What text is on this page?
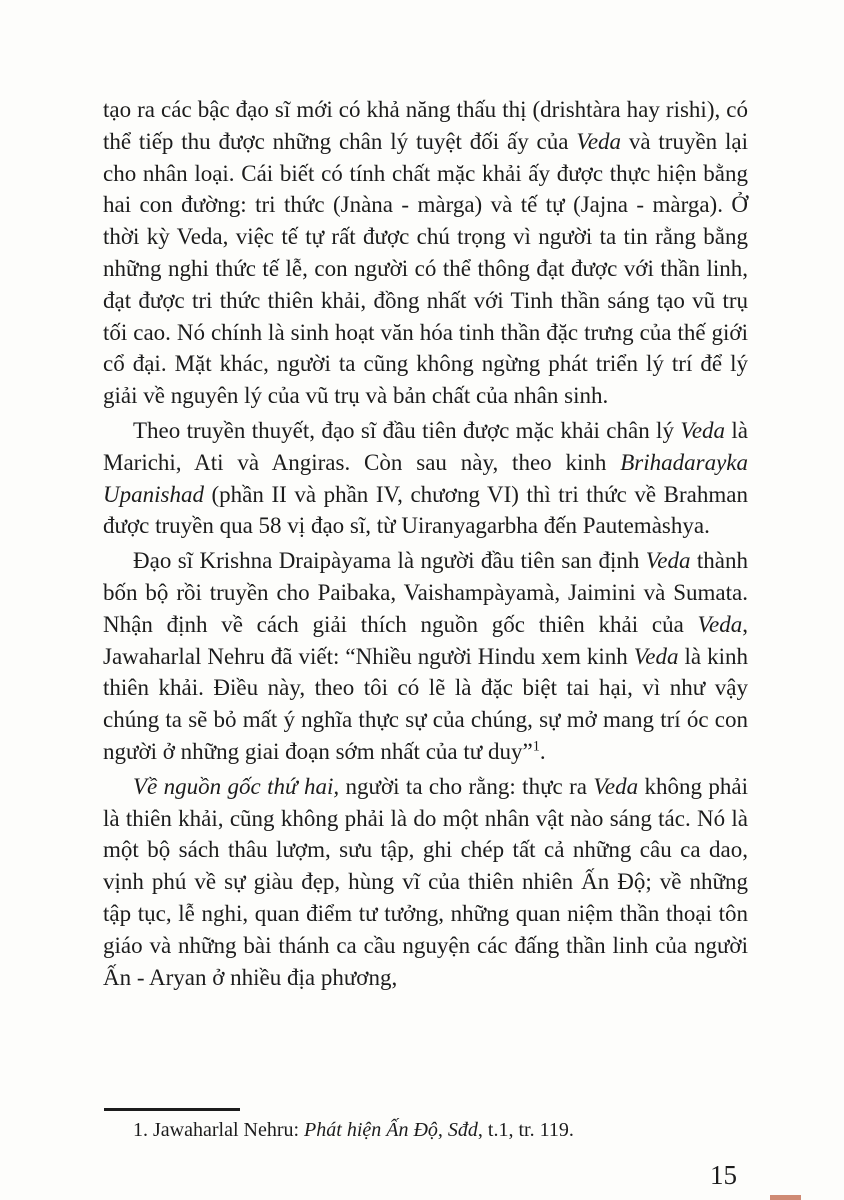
tạo ra các bậc đạo sĩ mới có khả năng thấu thị (drishtàra hay rishi), có thể tiếp thu được những chân lý tuyệt đối ấy của Veda và truyền lại cho nhân loại. Cái biết có tính chất mặc khải ấy được thực hiện bằng hai con đường: tri thức (Jnàna - màrga) và tế tự (Jajna - màrga). Ở thời kỳ Veda, việc tế tự rất được chú trọng vì người ta tin rằng bằng những nghi thức tế lễ, con người có thể thông đạt được với thần linh, đạt được tri thức thiên khải, đồng nhất với Tinh thần sáng tạo vũ trụ tối cao. Nó chính là sinh hoạt văn hóa tinh thần đặc trưng của thế giới cổ đại. Mặt khác, người ta cũng không ngừng phát triển lý trí để lý giải về nguyên lý của vũ trụ và bản chất của nhân sinh.

Theo truyền thuyết, đạo sĩ đầu tiên được mặc khải chân lý Veda là Marichi, Ati và Angiras. Còn sau này, theo kinh Brihadarayka Upanishad (phần II và phần IV, chương VI) thì tri thức về Brahman được truyền qua 58 vị đạo sĩ, từ Uiranyagarbha đến Pautemàshya.

Đạo sĩ Krishna Draipàyama là người đầu tiên san định Veda thành bốn bộ rồi truyền cho Paibaka, Vaishampàyamà, Jaimini và Sumata. Nhận định về cách giải thích nguồn gốc thiên khải của Veda, Jawaharlal Nehru đã viết: “Nhiều người Hindu xem kinh Veda là kinh thiên khải. Điều này, theo tôi có lẽ là đặc biệt tai hại, vì như vậy chúng ta sẽ bỏ mất ý nghĩa thực sự của chúng, sự mở mang trí óc con người ở những giai đoạn sớm nhất của tư duy”$^1$.

Về nguồn gốc thứ hai, người ta cho rằng: thực ra Veda không phải là thiên khải, cũng không phải là do một nhân vật nào sáng tác. Nó là một bộ sách thâu lượm, sưu tập, ghi chép tất cả những câu ca dao, vịnh phú về sự giàu đẹp, hùng vĩ của thiên nhiên Ấn Độ; về những tập tục, lễ nghi, quan điểm tư tưởng, những quan niệm thần thoại tôn giáo và những bài thánh ca cầu nguyện các đấng thần linh của người Ấn - Aryan ở nhiều địa phương,

1. Jawaharlal Nehru: Phát hiện Ấn Độ, Sđd, t.1, tr. 119.

15
